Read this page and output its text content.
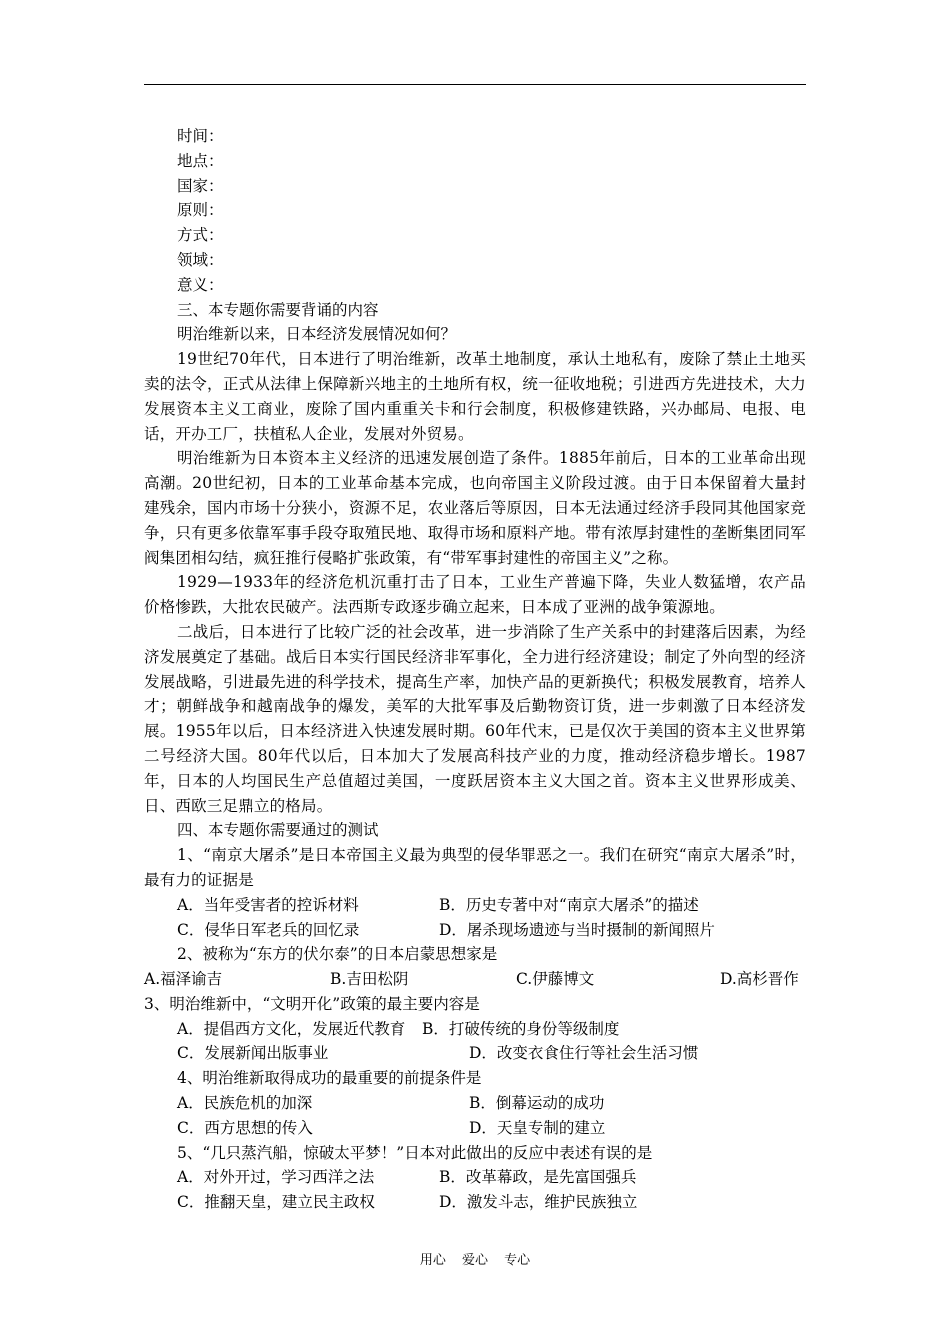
时间：
地点：
国家：
原则：
方式：
领域：
意义：
三、本专题你需要背诵的内容
明治维新以来，日本经济发展情况如何？
19世纪70年代，日本进行了明治维新，改革土地制度，承认土地私有，废除了禁止土地买卖的法令，正式从法律上保障新兴地主的土地所有权，统一征收地税；引进西方先进技术，大力发展资本主义工商业，废除了国内重重关卡和行会制度，积极修建铁路，兴办邮局、电报、电话，开办工厂，扶植私人企业，发展对外贸易。
明治维新为日本资本主义经济的迅速发展创造了条件。1885年前后，日本的工业革命出现高潮。20世纪初，日本的工业革命基本完成，也向帝国主义阶段过渡。由于日本保留着大量封建残余，国内市场十分狭小，资源不足，农业落后等原因，日本无法通过经济手段同其他国家竞争，只有更多依靠军事手段夺取殖民地、取得市场和原料产地。带有浓厚封建性的垄断集团同军阀集团相勾结，疯狂推行侵略扩张政策，有“带军事封建性的帝国主义”之称。
1929—1933年的经济危机沉重打击了日本，工业生产普遍下降，失业人数猛增，农产品价格惨跌，大批农民破产。法西斯专政逐步确立起来，日本成了亚洲的战争策源地。
二战后，日本进行了比较广泛的社会改革，进一步消除了生产关系中的封建落后因素，为经济发展奠定了基础。战后日本实行国民经济非军事化，全力进行经济建设；制定了外向型的经济发展战略，引进最先进的科学技术，提高生产率，加快产品的更新换代；积极发展教育，培养人才；朝鲜战争和越南战争的爆发，美军的大批军事及后勤物资订货，进一步刺激了日本经济发展。1955年以后，日本经济进入快速发展时期。60年代末，已是仅次于美国的资本主义世界第二号经济大国。80年代以后，日本加大了发展高科技产业的力度，推动经济稳步增长。1987年，日本的人均国民生产总值超过美国，一度跃居资本主义大国之首。资本主义世界形成美、日、西欧三足鼎立的格局。
四、本专题你需要通过的测试
1、“南京大屠杀”是日本帝国主义最为典型的侵华罪恶之一。我们在研究“南京大屠杀”时，最有力的证据是
A．当年受害者的控诉材料	B．历史专著中对“南京大屠杀”的描述
C．侵华日军老兵的回忆录	D．屠杀现场遗迹与当时摄制的新闻照片
2、被称为“东方的伏尔泰”的日本启蒙思想家是
A.福泽谕吉	B.吉田松阴	C.伊藤博文	D.高杉晋作
3、明治维新中，“文明开化”政策的最主要内容是
A．提倡西方文化，发展近代教育	B．打破传统的身份等级制度
C．发展新闻出版事业	D．改变衣食住行等社会生活习惯
4、明治维新取得成功的最重要的前提条件是
A．民族危机的加深	B．倒幕运动的成功
C．西方思想的传入	D．天皇专制的建立
5、“几只蒸汽船，惊破太平梦！”日本对此做出的反应中表述有误的是
A．对外开过，学习西洋之法	B．改革幕政，是先富国强兵
C．推翻天皇，建立民主政权	D．激发斗志，维护民族独立
用心 爱心 专心
